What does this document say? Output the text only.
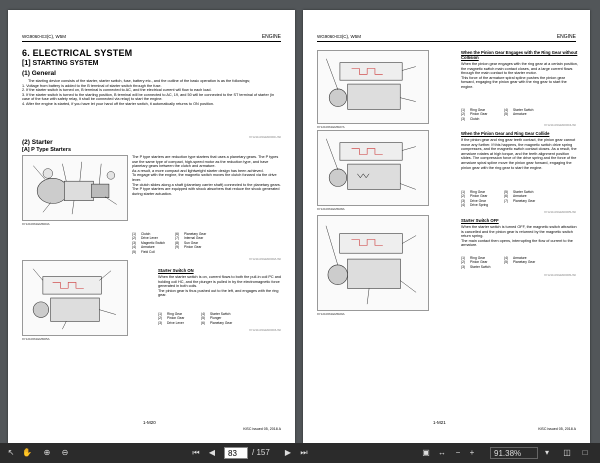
WG9060-E3(C), W5M	ENGINE
6. ELECTRICAL SYSTEM
[1] STARTING SYSTEM
(1) General
The starting device consists of the starter, starter switch, fuse, battery etc., and the outline of the basic operation is as the followings;
1. Voltage from battery is added to the B terminal of starter switch through the fuse.
2. If the starter switch is turned on, B terminal is connected to AC, and the electrical current will flow to each load.
3. If the starter switch is turned to the starting position, B terminal will be connected to AC, 19, and 50 will be connected to the ST terminal of starter (in case of the fuse with safety relay, it shall be connected via relay) to start the engine.
4. After the engine is started, if you have let your hand off the starter switch, it automatically returns to ON position.
9Y1211133GEM0001US0
(2) Starter
[A] P Type Starters
9Y1210661EMM03A
The P type starters are reduction type starters that uses a planetary gears. The P types use the same type of compact, high-speed motor as the reduction type, and have planetary gears between the clutch and armature.
As a result, a more compact and lightweight starter design has been achieved.
To engage with the engine, the magnetic switch moves the clutch forward via the drive lever.
The clutch slides along a shaft (planetary carrier shaft) connected to the planetary gears.
The P type starters are equipped with shock absorbers that reduce the shock generated during starter actuation.
(1)	Clutch	(6)	Planetary Gear
(2)	Drive Lever	(7)	Internal Gear
(3)	Magnetic Switch	(8)	Sun Gear
(4)	Armature	(9)	Pinion Gear
(5)	Field Coil
9Y1211133GEM0002US0
9Y1210661EMM05A
Starter Switch ON
When the starter switch is on, current flows to both the pull-in coil PC and holding coil HC, and the plunger is pulled in by the electromagnetic force generated in both coils.
The pinion gear is thus pushed out to the left, and engages with the ring gear.
(1)	Ring Gear	(4)	Starter Switch
(2)	Pinion Gear	(5)	Plunger
(3)	Drive Lever	(6)	Planetary Gear
9Y1211133GEM0003US0
1-M20
KiSC issued 05, 2018 A
WG9060-E3(C), W5M	ENGINE
9Y1210661EMM27A
When the Pinion Gear Engages with the Ring Gear without Collision
When the pinion gear engages with the ring gear at a certain position, the magnetic switch main contact closes, and a large current flows through the main contact to the starter motor.
This force of the armature spiral spline pushes the pinion gear forward, engaging the pinion gear with the ring gear to start the engine.
(1)	Ring Gear	(4)	Starter Switch
(2)	Pinion Gear	(5)	Armature
(3)	Clutch
9Y1211133GEM0004US0
9Y1210661EMM28A
When the Pinion Gear and Ring Gear Collide
If the pinion gear and ring gear teeth contact, the pinion gear cannot move any further. If this happens, the magnetic switch drive spring compresses, and the magnetic switch contact closes. As a result, the armature rotates at high torque, and the teeth alignment position slides. The compression force of the drive spring and the force of the armature spiral spline move the pinion gear forward, engaging the pinion gear with the ring gear to start the engine.
(1)	Ring Gear	(5)	Starter Switch
(2)	Pinion Gear	(6)	Armature
(3)	Drive Gear	(7)	Planetary Gear
(4)	Drive Spring
9Y1211133GEM0005US0
9Y1210661EMM29A
Starter Switch OFF
When the starter switch is turned OFF, the magnetic switch attraction is cancelled and the pinion gear is returned by the magnetic switch return spring.
The main contact then opens, interrupting the flow of current to the armature.
(1)	Ring Gear	(4)	Armature
(2)	Pinion Gear	(5)	Planetary Gear
(3)	Starter Switch
9Y1211133GEM0006US0
1-M21
KiSC issued 05, 2018 A
↖ ✋	⊕	⊖	⏮	◀	83	/ 157	▶	⏭	▣ ↔	−	+	91.38%	▾	◫	□
